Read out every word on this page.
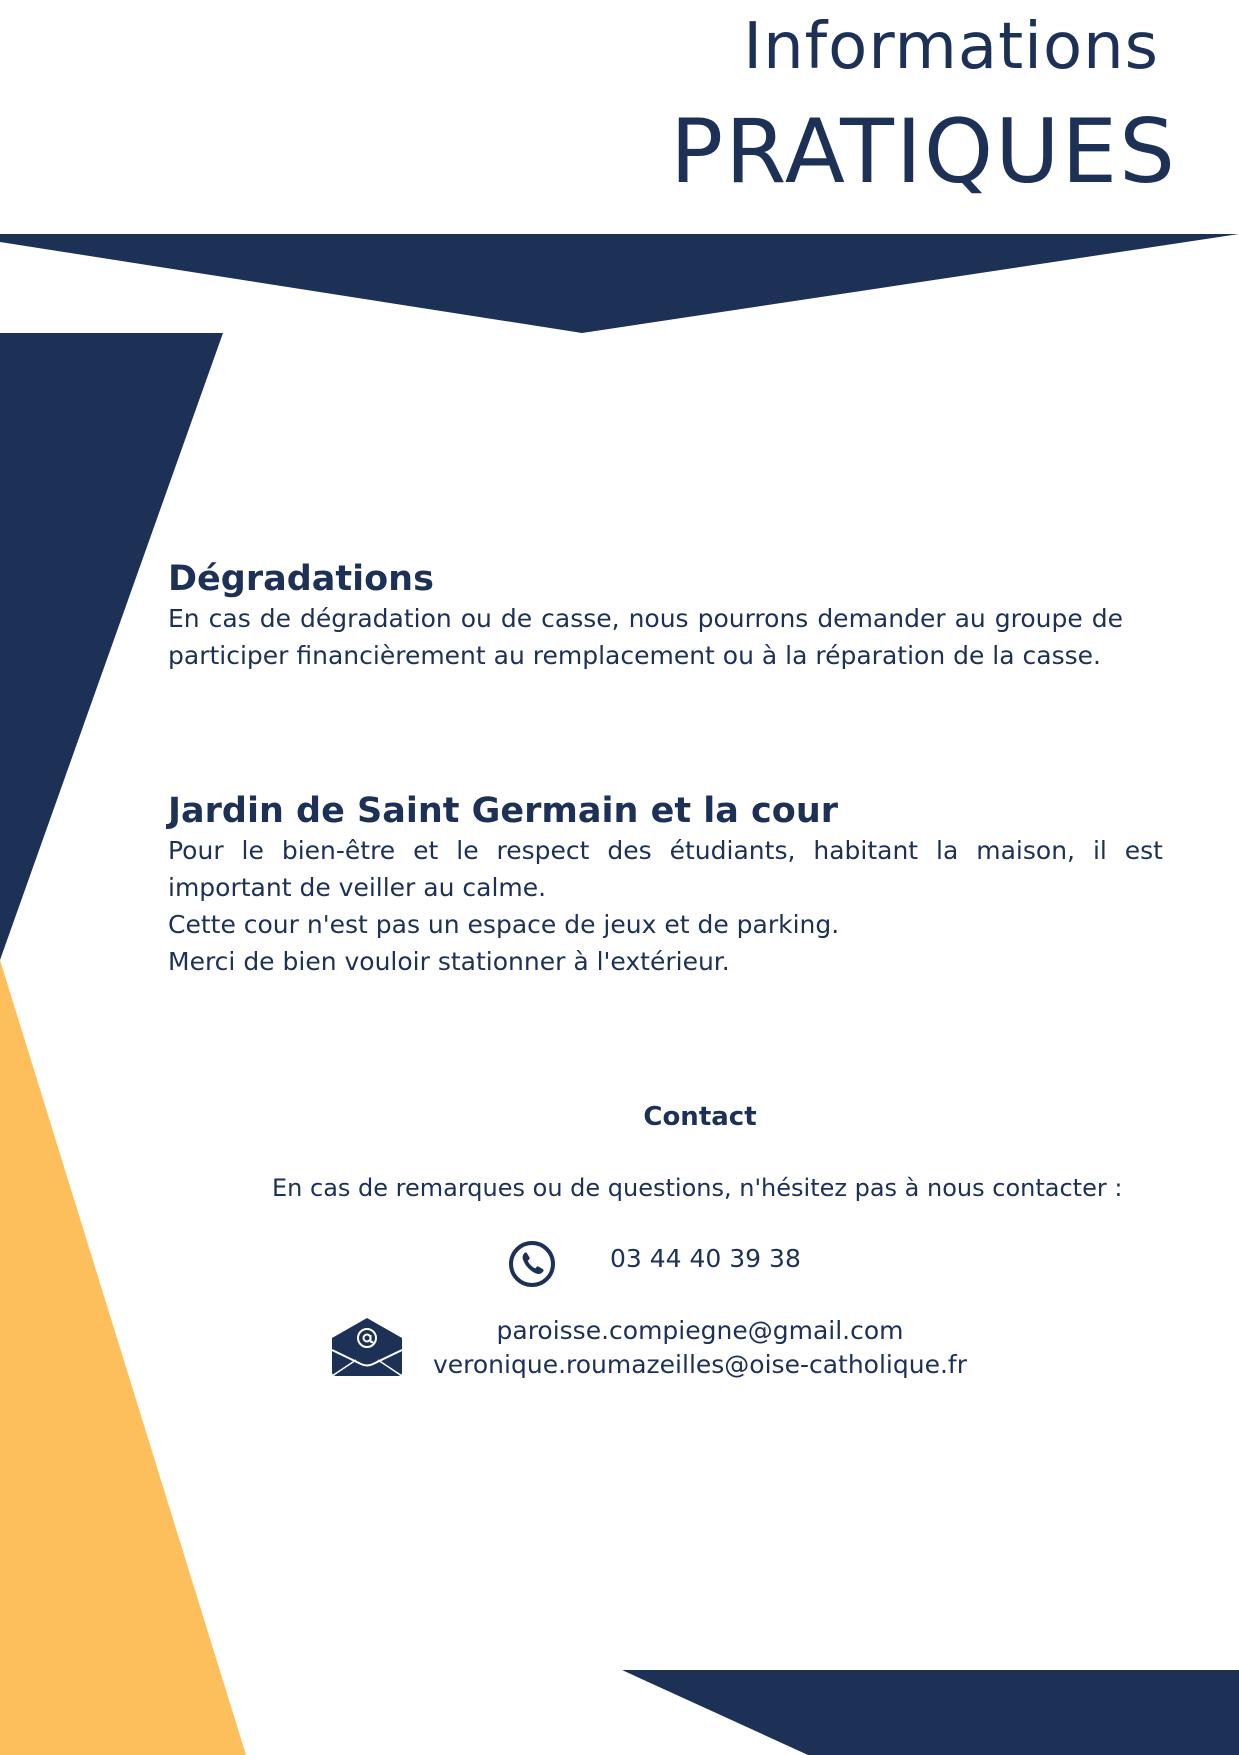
Informations
PRATIQUES
Dégradations

En cas de dégradation ou de casse, nous pourrons demander au groupe de participer financièrement au remplacement ou à la réparation de la casse.

Jardin de Saint Germain et la cour

Pour le bien-être et le respect des étudiants, habitant la maison, il est important de veiller au calme.

Cette cour n'est pas un espace de jeux et de parking.

Merci de bien vouloir stationner à l'extérieur.

Contact
En cas de remarques ou de questions, n'hésitez pas à nous contacter :
03 44 40 39 38
paroisse.compiegne@gmail.com
veronique.roumazeilles@oise-catholique.fr
